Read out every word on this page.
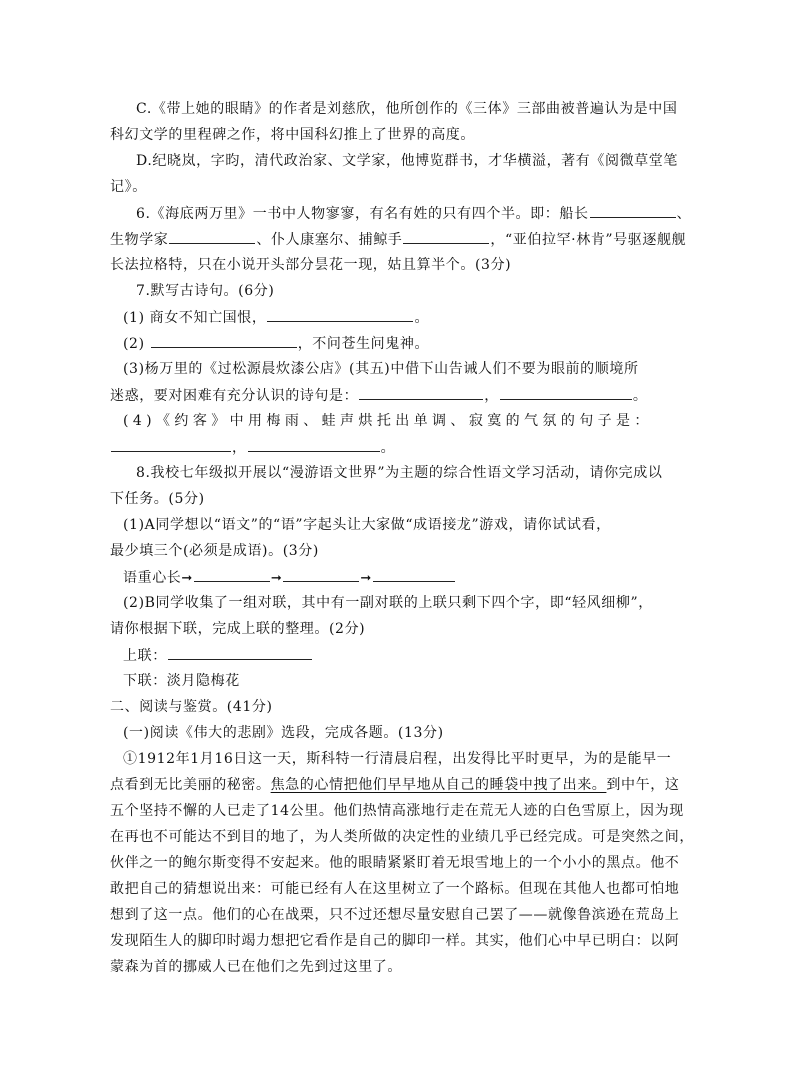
C.《带上她的眼睛》的作者是刘慈欣，他所创作的《三体》三部曲被普遍认为是中国
科幻文学的里程碑之作，将中国科幻推上了世界的高度。
D.纪晓岚，字昀，清代政治家、文学家，他博览群书，才华横溢，著有《阅微草堂笔
记》。
6.《海底两万里》一书中人物寥寥，有名有姓的只有四个半。即：船长	、
生物学家	、仆人康塞尔、捕鲸手	，“亚伯拉罕·林肯”号驱逐舰舰
长法拉格特，只在小说开头部分昙花一现，姑且算半个。(3分)
7.默写古诗句。(6分)
(1) 商女不知亡国恨，	。
(2)	，不问苍生问鬼神。
(3)杨万里的《过松源晨炊漆公店》(其五)中借下山告诫人们不要为眼前的顺境所
迷惑，要对困难有充分认识的诗句是：	，	。
(4)《约客》中用梅雨、蛙声烘托出单调、寂寞的气氛的句子是：
，	。
8.我校七年级拟开展以“漫游语文世界”为主题的综合性语文学习活动，请你完成以
下任务。(5分)
(1)A同学想以“语文”的“语”字起头让大家做“成语接龙”游戏，请你试试看，
最少填三个(必须是成语)。(3分)
语重心长➞	➞	➞
(2)B同学收集了一组对联，其中有一副对联的上联只剩下四个字，即“轻风细柳”，
请你根据下联，完成上联的整理。(2分)
上联：
下联：淡月隐梅花
二、阅读与鉴赏。(41分)
(一)阅读《伟大的悲剧》选段，完成各题。(13分)
①1912年1月16日这一天，斯科特一行清晨启程，出发得比平时更早，为的是能早一
点看到无比美丽的秘密。焦急的心情把他们早早地从自己的睡袋中拽了出来。到中午，这
五个坚持不懈的人已走了14公里。他们热情高涨地行走在荒无人迹的白色雪原上，因为现
在再也不可能达不到目的地了，为人类所做的决定性的业绩几乎已经完成。可是突然之间，
伙伴之一的鲍尔斯变得不安起来。他的眼睛紧紧盯着无垠雪地上的一个小小的黑点。他不
敢把自己的猜想说出来：可能已经有人在这里树立了一个路标。但现在其他人也都可怕地
想到了这一点。他们的心在战栗，只不过还想尽量安慰自己罢了——就像鲁滨逊在荒岛上
发现陌生人的脚印时竭力想把它看作是自己的脚印一样。其实，他们心中早已明白：以阿
蒙森为首的挪威人已在他们之先到过这里了。
